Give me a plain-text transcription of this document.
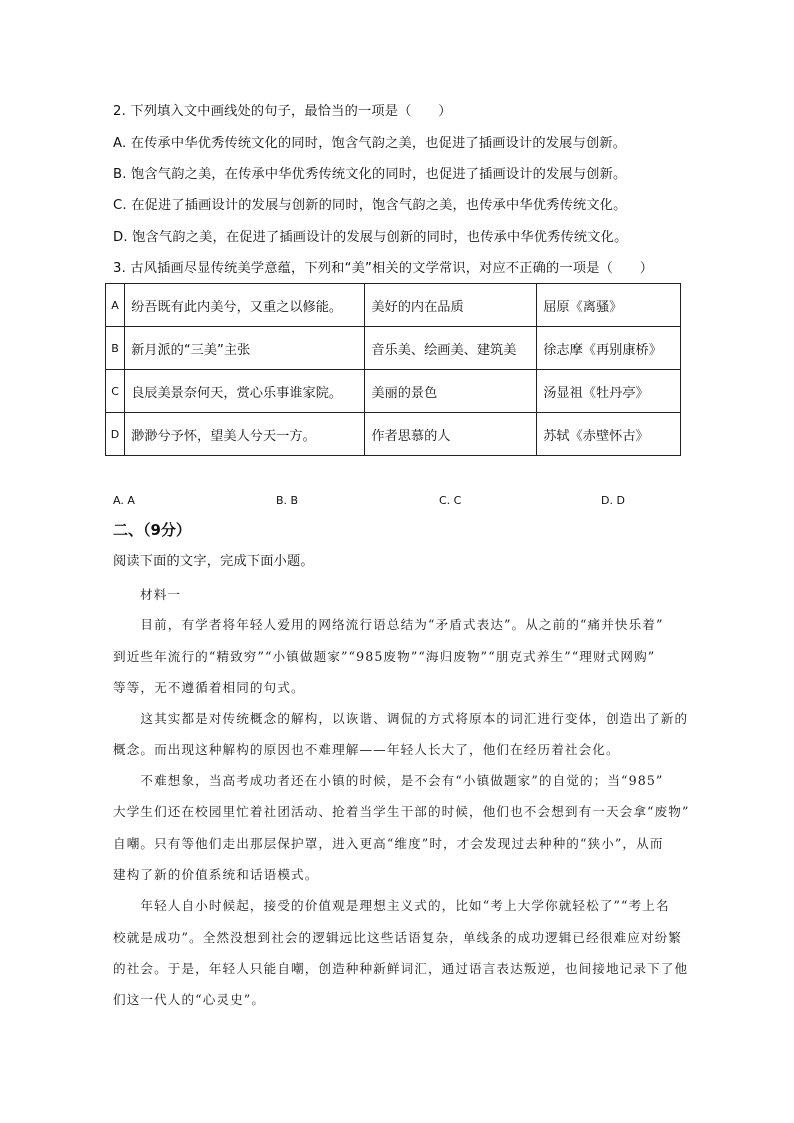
2. 下列填入文中画线处的句子，最恰当的一项是（　　）
A. 在传承中华优秀传统文化的同时，饱含气韵之美，也促进了插画设计的发展与创新。
B. 饱含气韵之美，在传承中华优秀传统文化的同时，也促进了插画设计的发展与创新。
C. 在促进了插画设计的发展与创新的同时，饱含气韵之美，也传承中华优秀传统文化。
D. 饱含气韵之美，在促进了插画设计的发展与创新的同时，也传承中华优秀传统文化。
3. 古风插画尽显传统美学意蕴，下列和“美”相关的文学常识，对应不正确的一项是（　　）
A	纷吾既有此内美兮，又重之以修能。	美好的内在品质	屈原《离骚》
B	新月派的“三美”主张	音乐美、绘画美、建筑美	徐志摩《再别康桥》
C	良辰美景奈何天，赏心乐事谁家院。	美丽的景色	汤显祖《牡丹亭》
D	渺渺兮予怀，望美人兮天一方。	作者思慕的人	苏轼《赤壁怀古》
A. A	B. B	C. C	D. D
二、（9分）
阅读下面的文字，完成下面小题。
材料一
　　目前，有学者将年轻人爱用的网络流行语总结为“矛盾式表达”。从之前的“痛并快乐着”
到近些年流行的“精致穷”“小镇做题家”“985废物”“海归废物”“朋克式养生”“理财式网购”
等等，无不遵循着相同的句式。
　　这其实都是对传统概念的解构，以诙谐、调侃的方式将原本的词汇进行变体，创造出了新的
概念。而出现这种解构的原因也不难理解——年轻人长大了，他们在经历着社会化。
　　不难想象，当高考成功者还在小镇的时候，是不会有“小镇做题家”的自觉的；当“985”
大学生们还在校园里忙着社团活动、抢着当学生干部的时候，他们也不会想到有一天会拿“废物”
自嘲。只有等他们走出那层保护罩，进入更高“维度”时，才会发现过去种种的“狭小”，从而
建构了新的价值系统和话语模式。
　　年轻人自小时候起，接受的价值观是理想主义式的，比如“考上大学你就轻松了”“考上名
校就是成功”。全然没想到社会的逻辑远比这些话语复杂，单线条的成功逻辑已经很难应对纷繁
的社会。于是，年轻人只能自嘲，创造种种新鲜词汇，通过语言表达叛逆，也间接地记录下了他
们这一代人的“心灵史”。
